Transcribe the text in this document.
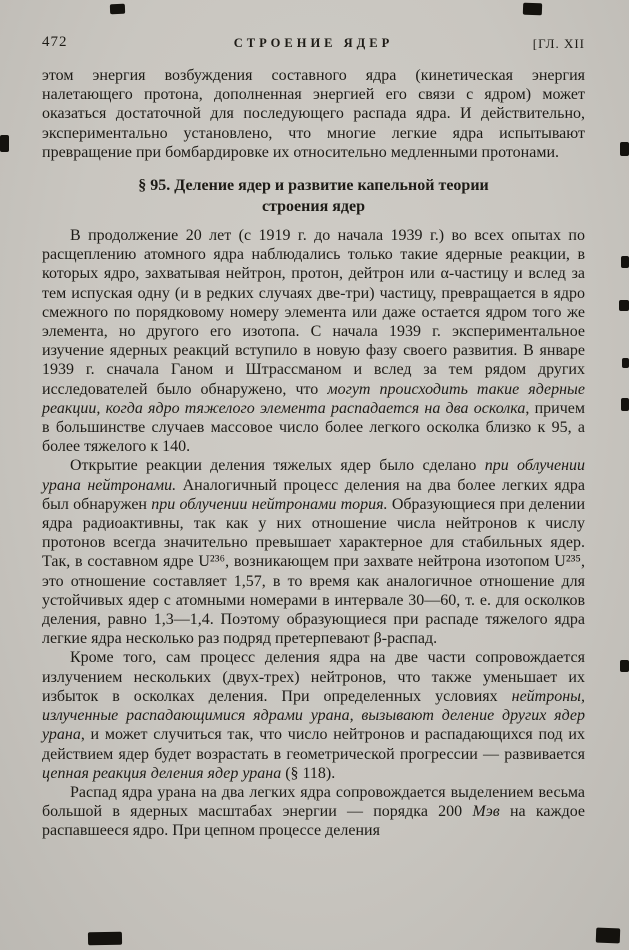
472	СТРОЕНИЕ ЯДЕР	[ГЛ. XII

этом энергия возбуждения составного ядра (кинетическая энергия налетающего протона, дополненная энергией его связи с ядром) может оказаться достаточной для последующего распада ядра. И действительно, экспериментально установлено, что многие легкие ядра испытывают превращение при бомбардировке их относительно медленными протонами.

§ 95. Деление ядер и развитие капельной теории
строения ядер

В продолжение 20 лет (с 1919 г. до начала 1939 г.) во всех опытах по расщеплению атомного ядра наблюдались только такие ядерные реакции, в которых ядро, захватывая нейтрон, протон, дейтрон или α-частицу и вслед за тем испуская одну (и в редких случаях две-три) частицу, превращается в ядро смежного по порядковому номеру элемента или даже остается ядром того же элемента, но другого его изотопа. С начала 1939 г. экспериментальное изучение ядерных реакций вступило в новую фазу своего развития. В январе 1939 г. сначала Ганом и Штрассманом и вслед за тем рядом других исследователей было обнаружено, что могут происходить такие ядерные реакции, когда ядро тяжелого элемента распадается на два осколка, причем в большинстве случаев массовое число более легкого осколка близко к 95, а более тяжелого к 140.

Открытие реакции деления тяжелых ядер было сделано при облучении урана нейтронами. Аналогичный процесс деления на два более легких ядра был обнаружен при облучении нейтронами тория. Образующиеся при делении ядра радиоактивны, так как у них отношение числа нейтронов к числу протонов всегда значительно превышает характерное для стабильных ядер. Так, в составном ядре U²³⁶, возникающем при захвате нейтрона изотопом U²³⁵, это отношение составляет 1,57, в то время как аналогичное отношение для устойчивых ядер с атомными номерами в интервале 30—60, т. е. для осколков деления, равно 1,3—1,4. Поэтому образующиеся при распаде тяжелого ядра легкие ядра несколько раз подряд претерпевают β-распад.

Кроме того, сам процесс деления ядра на две части сопровождается излучением нескольких (двух-трех) нейтронов, что также уменьшает их избыток в осколках деления. При определенных условиях нейтроны, излученные распадающимися ядрами урана, вызывают деление других ядер урана, и может случиться так, что число нейтронов и распадающихся под их действием ядер будет возрастать в геометрической прогрессии — развивается цепная реакция деления ядер урана (§ 118).

Распад ядра урана на два легких ядра сопровождается выделением весьма большой в ядерных масштабах энергии — порядка 200 Мэв на каждое распавшееся ядро. При цепном процессе деления
